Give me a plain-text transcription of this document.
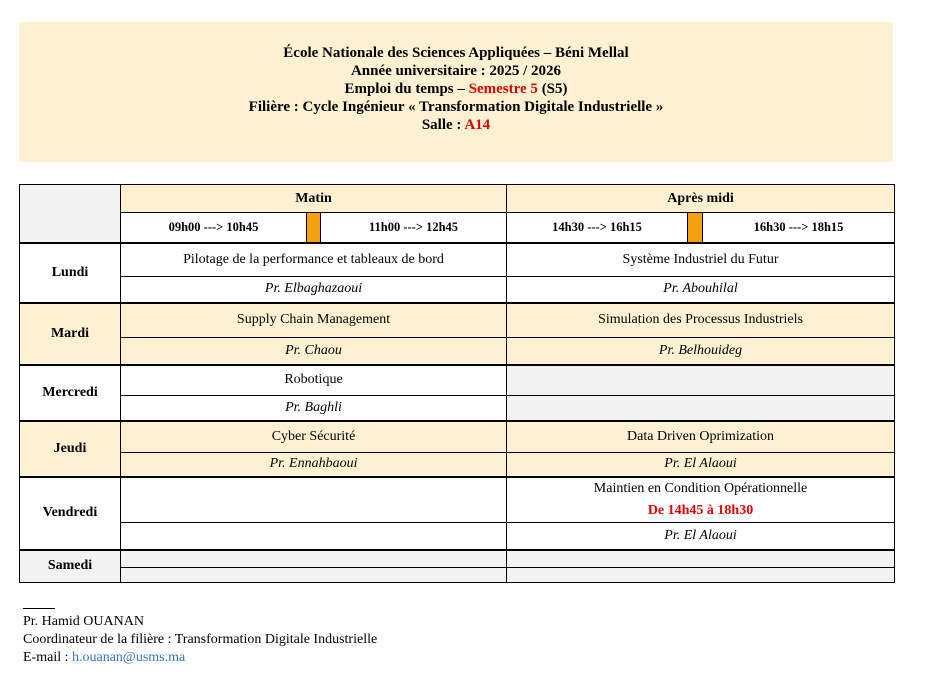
École Nationale des Sciences Appliquées – Béni Mellal
Année universitaire : 2025 / 2026
Emploi du temps – Semestre 5 (S5)
Filière : Cycle Ingénieur « Transformation Digitale Industrielle »
Salle : A14
	Matin			Après midi		
	09h00 ---> 10h45		11h00 ---> 12h45	14h30 ---> 16h15		16h30 ---> 18h15
Lundi	Pilotage de la performance et tableaux de bord			Système Industriel du Futur		
	Pr. Elbaghazaoui			Pr. Abouhilal		
Mardi	Supply Chain Management			Simulation des Processus Industriels		
	Pr. Chaou			Pr. Belhouideg		
Mercredi	Robotique					
	Pr. Baghli					
Jeudi	Cyber Sécurité			Data Driven Oprimization		
	Pr. Ennahbaoui			Pr. El Alaoui		
Vendredi				Maintien en Condition Opérationnelle
De 14h45 à 18h30		

				Pr. El Alaoui		
Samedi						

Pr. Hamid OUANAN
Coordinateur de la filière : Transformation Digitale Industrielle
E-mail : h.ouanan@usms.ma
